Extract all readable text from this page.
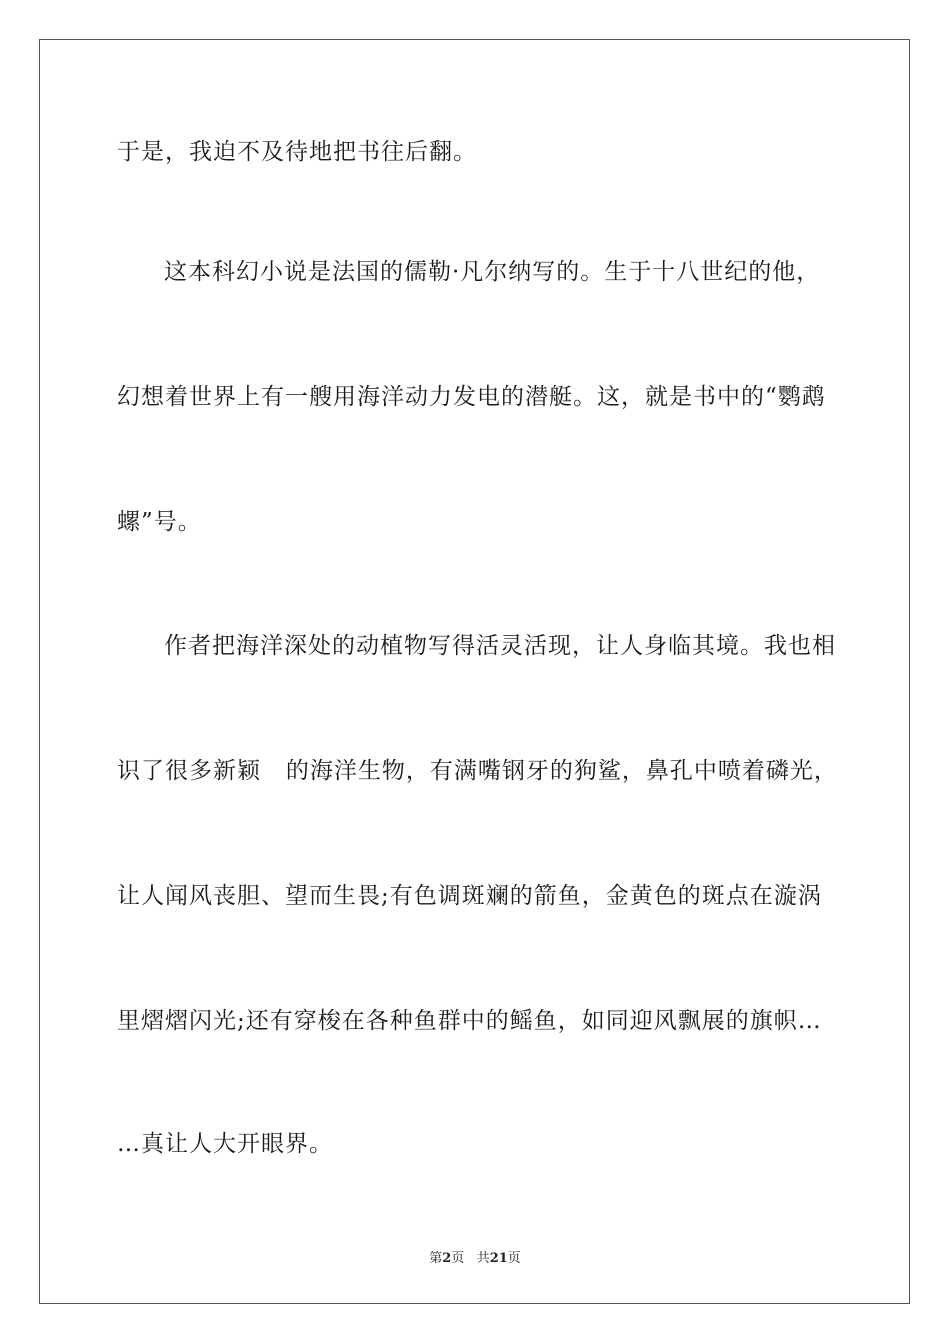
于是，我迫不及待地把书往后翻。
这本科幻小说是法国的儒勒·凡尔纳写的。生于十八世纪的他，
幻想着世界上有一艘用海洋动力发电的潜艇。这，就是书中的“鹦鹉
螺”号。
作者把海洋深处的动植物写得活灵活现，让人身临其境。我也相
识了很多新颖   的海洋生物，有满嘴钢牙的狗鲨，鼻孔中喷着磷光，
让人闻风丧胆、望而生畏;有色调斑斓的箭鱼，金黄色的斑点在漩涡
里熠熠闪光;还有穿梭在各种鱼群中的鳐鱼，如同迎风飘展的旗帜…
…真让人大开眼界。
第2页 共21页
